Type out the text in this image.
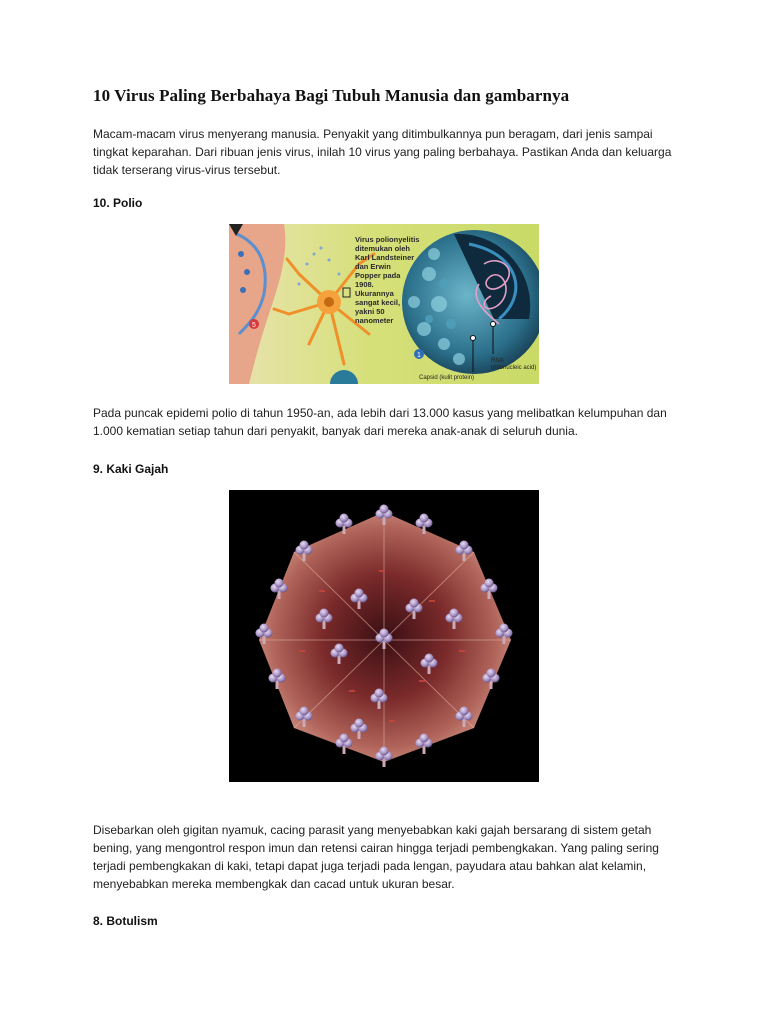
10 Virus Paling Berbahaya Bagi Tubuh Manusia dan gambarnya

Macam-macam virus menyerang manusia. Penyakit yang ditimbulkannya pun beragam, dari jenis sampai tingkat keparahan. Dari ribuan jenis virus, inilah 10 virus yang paling berbahaya. Pastikan Anda dan keluarga tidak terserang virus-virus tersebut.

10. Polio
5
Virus polionyelitis
ditemukan oleh
Karl Landsteiner
dan Erwin
Popper pada
1908.
Ukurannya
sangat kecil,
yakni 50
nanometer
1
RNA
(ribonucleic acid)
Capsid (kulit protein)

Pada puncak epidemi polio di tahun 1950-an, ada lebih dari 13.000 kasus yang melibatkan kelumpuhan dan 1.000 kematian setiap tahun dari penyakit, banyak dari mereka anak-anak di seluruh dunia.

9. Kaki Gajah

Disebarkan oleh gigitan nyamuk, cacing parasit yang menyebabkan kaki gajah bersarang di sistem getah bening, yang mengontrol respon imun dan retensi cairan hingga terjadi pembengkakan. Yang paling sering terjadi pembengkakan di kaki, tetapi dapat juga terjadi pada lengan, payudara atau bahkan alat kelamin, menyebabkan mereka membengkak dan cacad untuk ukuran besar.

8. Botulism
